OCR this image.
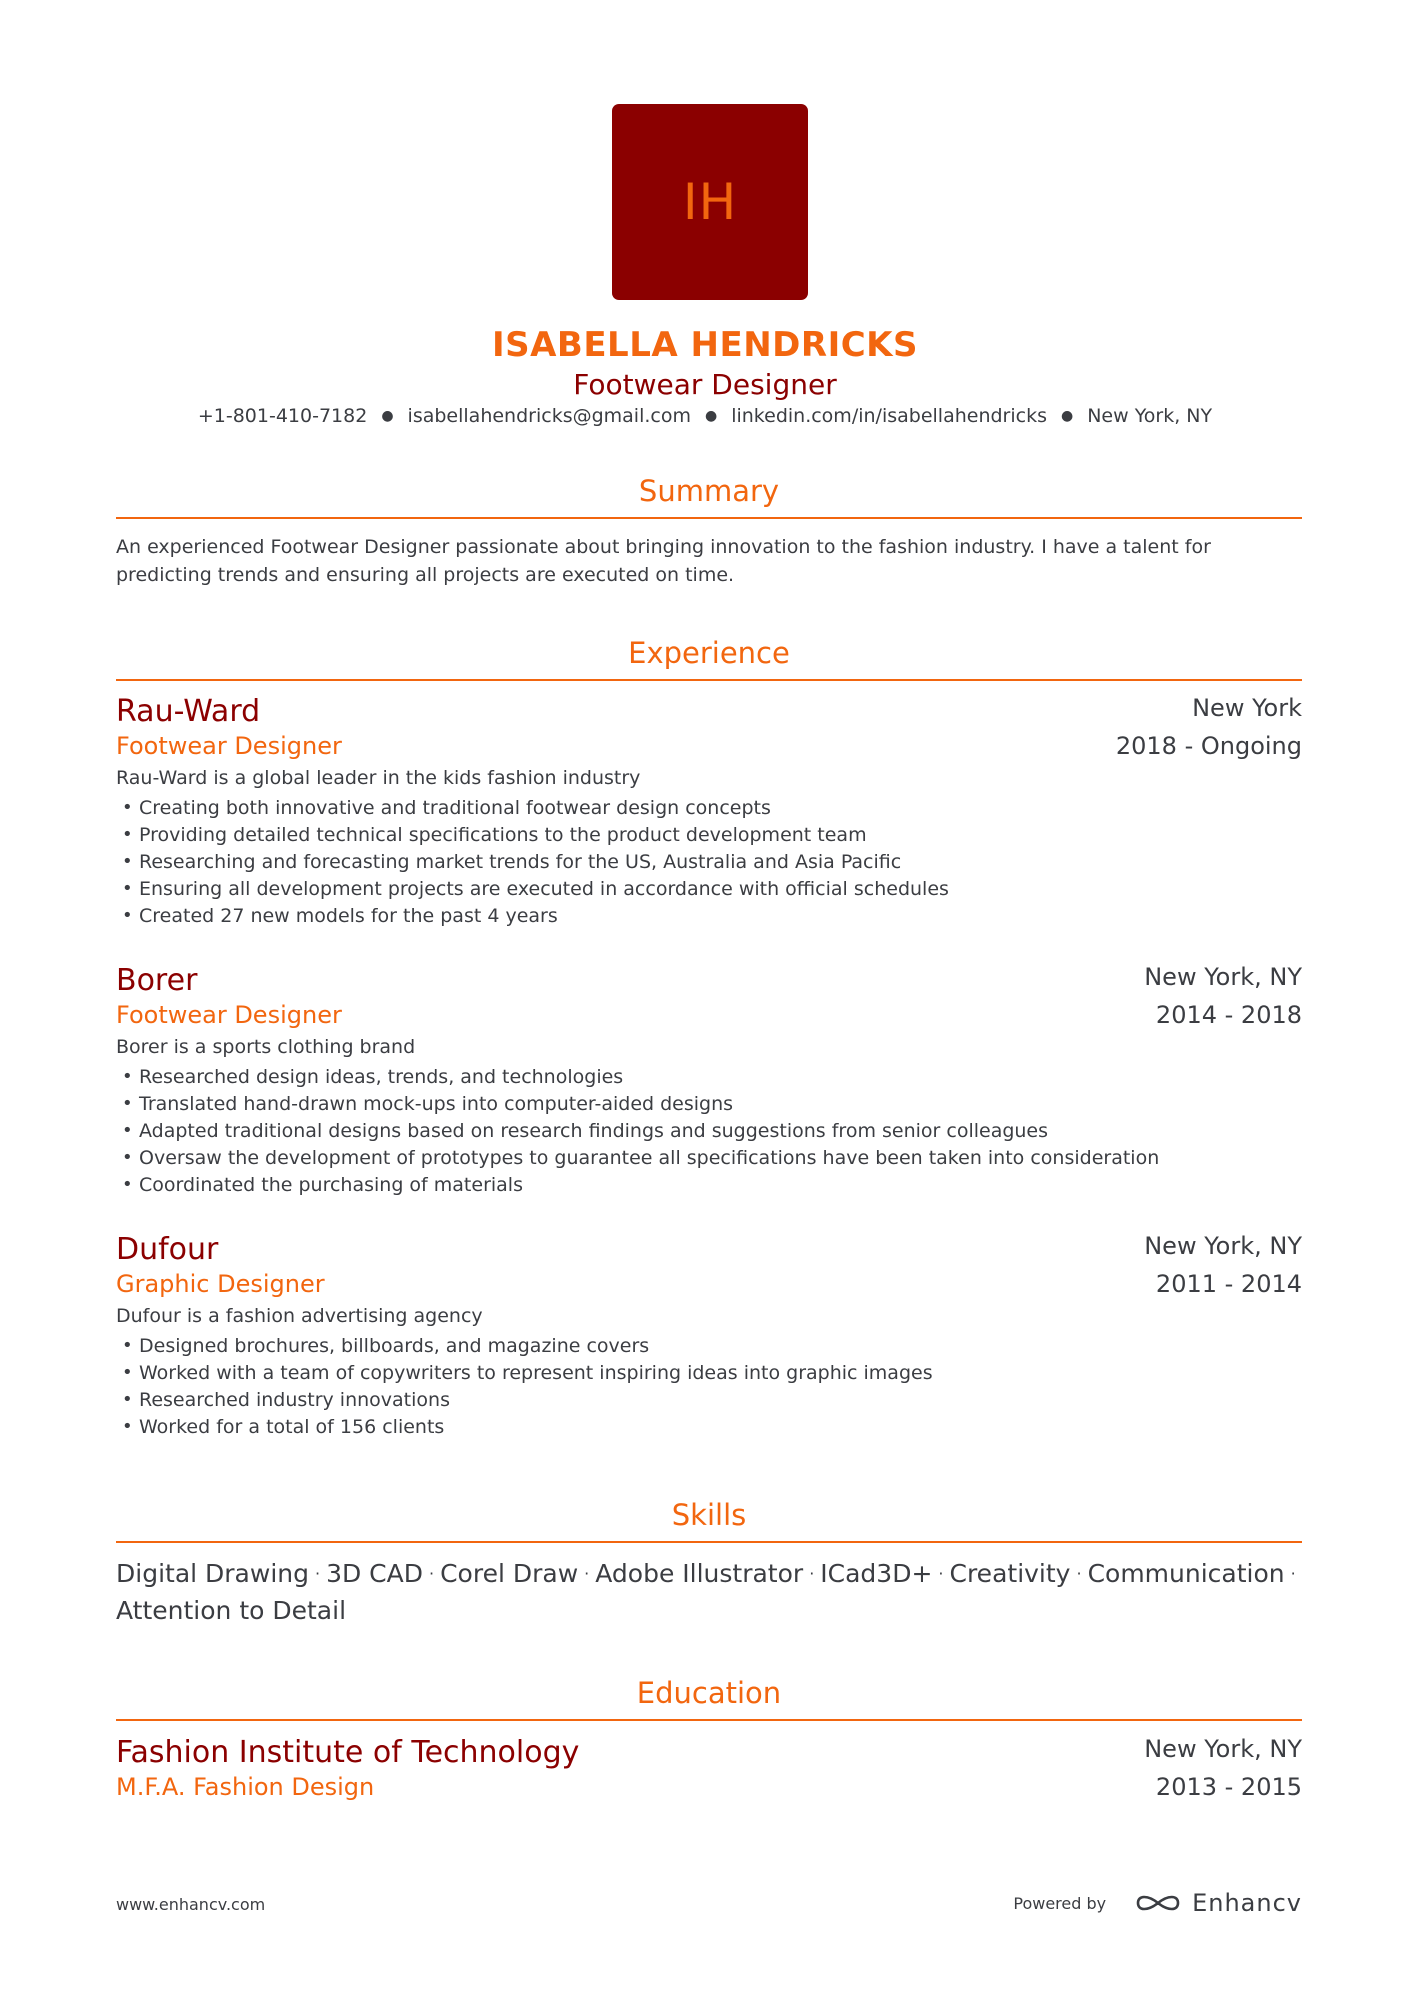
IH
ISABELLA HENDRICKS
Footwear Designer
+1-801-410-7182 ● isabellahendricks@gmail.com ● linkedin.com/in/isabellahendricks ● New York, NY
Summary
An experienced Footwear Designer passionate about bringing innovation to the fashion industry. I have a talent for predicting trends and ensuring all projects are executed on time.
Experience
Rau-Ward	New York
Footwear Designer	2018 - Ongoing
Rau-Ward is a global leader in the kids fashion industry
• Creating both innovative and traditional footwear design concepts
• Providing detailed technical specifications to the product development team
• Researching and forecasting market trends for the US, Australia and Asia Pacific
• Ensuring all development projects are executed in accordance with official schedules
• Created 27 new models for the past 4 years
Borer	New York, NY
Footwear Designer	2014 - 2018
Borer is a sports clothing brand
• Researched design ideas, trends, and technologies
• Translated hand-drawn mock-ups into computer-aided designs
• Adapted traditional designs based on research findings and suggestions from senior colleagues
• Oversaw the development of prototypes to guarantee all specifications have been taken into consideration
• Coordinated the purchasing of materials
Dufour	New York, NY
Graphic Designer	2011 - 2014
Dufour is a fashion advertising agency
• Designed brochures, billboards, and magazine covers
• Worked with a team of copywriters to represent inspiring ideas into graphic images
• Researched industry innovations
• Worked for a total of 156 clients
Skills
Digital Drawing · 3D CAD · Corel Draw · Adobe Illustrator · ICad3D+ · Creativity · Communication · Attention to Detail
Education
Fashion Institute of Technology	New York, NY
M.F.A. Fashion Design	2013 - 2015
www.enhancv.com	Powered by	Enhancv
